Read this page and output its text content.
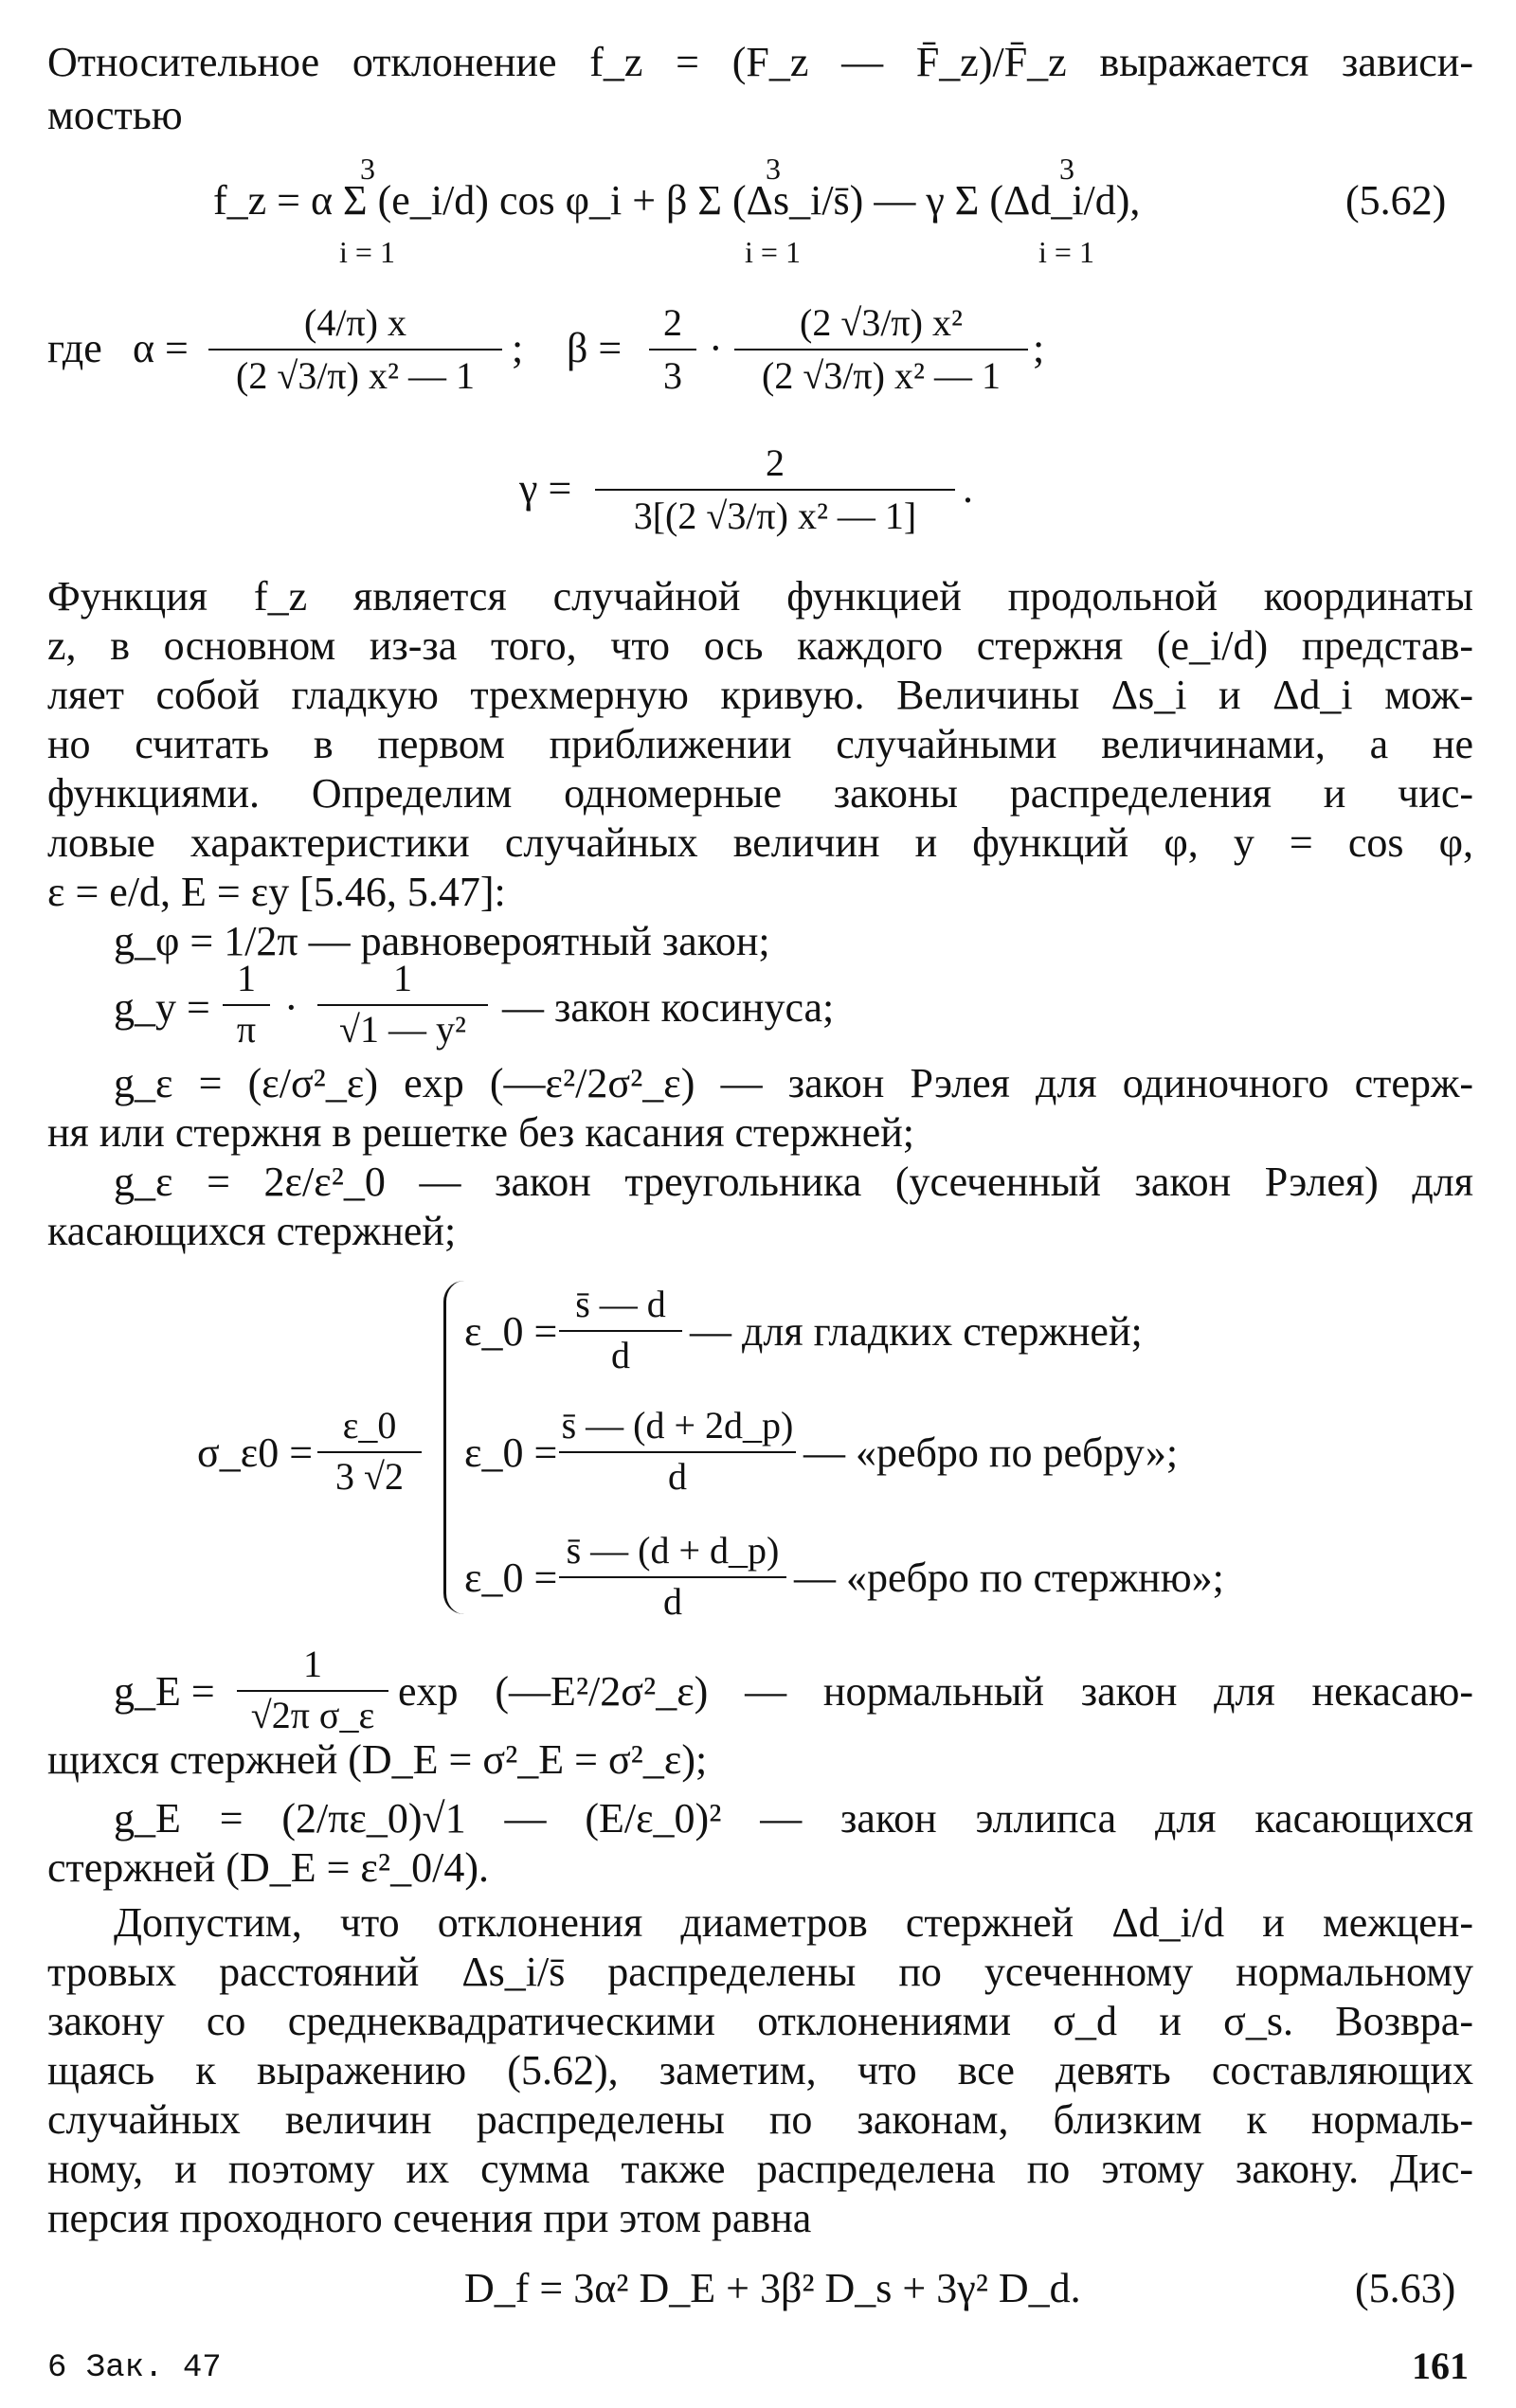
Относительное отклонение f_z = (F_z — F̄_z)/F̄_z выражается зависи-
мостью
f_z = α Σ (e_i/d) cos φ_i + β Σ (Δs_i/s̄) — γ Σ (Δd_i/d),
3
i = 1
3
i = 1
3
i = 1
(5.62)
где α =
(4/π) x
(2 √3/π) x² — 1
; β =
2
3
·
(2 √3/π) x²
(2 √3/π) x² — 1
;
γ =
2
3[(2 √3/π) x² — 1]
.
Функция f_z является случайной функцией продольной координаты
z, в основном из-за того, что ось каждого стержня (e_i/d) представ-
ляет собой гладкую трехмерную кривую. Величины Δs_i и Δd_i мож-
но считать в первом приближении случайными величинами, а не
функциями. Определим одномерные законы распределения и чис-
ловые характеристики случайных величин и функций φ, y = cos φ,
ε = e/d, E = εy [5.46, 5.47]:
g_φ = 1/2π — равновероятный закон;
g_y =
1
π ·
1
√1 — y² — закон косинуса;
g_ε = (ε/σ²_ε) exp (—ε²/2σ²_ε) — закон Рэлея для одиночного стерж-
ня или стержня в решетке без касания стержней;
g_ε = 2ε/ε²_0 — закон треугольника (усеченный закон Рэлея) для
касающихся стержней;
σ_ε0 =
ε_0
3 √2
ε_0 =
s̄ — d
d
— для гладких стержней;
ε_0 =
s̄ — (d + 2d_p)
d
— «ребро по ребру»;
ε_0 =
s̄ — (d + d_p)
d
— «ребро по стержню»;
g_E =
1
√2π σ_ε
exp (—E²/2σ²_ε) — нормальный закон для некасаю-
щихся стержней (D_E = σ²_E = σ²_ε);
g_E = (2/πε_0)√1 — (E/ε_0)² — закон эллипса для касающихся
стержней (D_E = ε²_0/4).
Допустим, что отклонения диаметров стержней Δd_i/d и межцен-
тровых расстояний Δs_i/s̄ распределены по усеченному нормальному
закону со среднеквадратическими отклонениями σ_d и σ_s. Возвра-
щаясь к выражению (5.62), заметим, что все девять составляющих
случайных величин распределены по законам, близким к нормаль-
ному, и поэтому их сумма также распределена по этому закону. Дис-
персия проходного сечения при этом равна
D_f = 3α² D_E + 3β² D_s + 3γ² D_d.	(5.63)
6 Зак. 47	161
